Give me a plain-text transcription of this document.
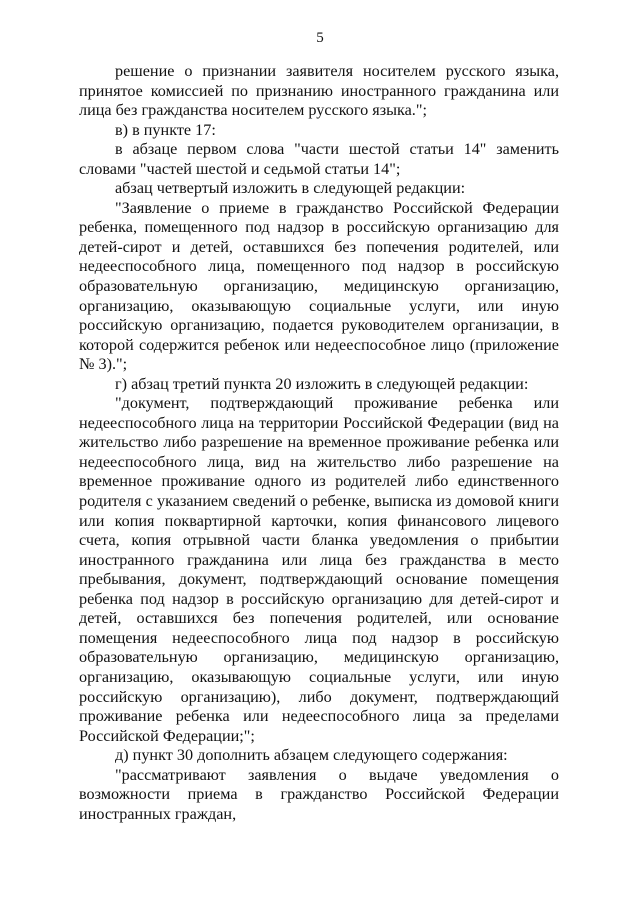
5

решение о признании заявителя носителем русского языка, принятое комиссией по признанию иностранного гражданина или лица без гражданства носителем русского языка.";

в) в пункте 17:

в абзаце первом слова "части шестой статьи 14" заменить словами "частей шестой и седьмой статьи 14";

абзац четвертый изложить в следующей редакции:

"Заявление о приеме в гражданство Российской Федерации ребенка, помещенного под надзор в российскую организацию для детей-сирот и детей, оставшихся без попечения родителей, или недееспособного лица, помещенного под надзор в российскую образовательную организацию, медицинскую организацию, организацию, оказывающую социальные услуги, или иную российскую организацию, подается руководителем организации, в которой содержится ребенок или недееспособное лицо (приложение № 3).";

г) абзац третий пункта 20 изложить в следующей редакции:

"документ, подтверждающий проживание ребенка или недееспособного лица на территории Российской Федерации (вид на жительство либо разрешение на временное проживание ребенка или недееспособного лица, вид на жительство либо разрешение на временное проживание одного из родителей либо единственного родителя с указанием сведений о ребенке, выписка из домовой книги или копия поквартирной карточки, копия финансового лицевого счета, копия отрывной части бланка уведомления о прибытии иностранного гражданина или лица без гражданства в место пребывания, документ, подтверждающий основание помещения ребенка под надзор в российскую организацию для детей-сирот и детей, оставшихся без попечения родителей, или основание помещения недееспособного лица под надзор в российскую образовательную организацию, медицинскую организацию, организацию, оказывающую социальные услуги, или иную российскую организацию), либо документ, подтверждающий проживание ребенка или недееспособного лица за пределами Российской Федерации;";

д) пункт 30 дополнить абзацем следующего содержания:

"рассматривают заявления о выдаче уведомления о возможности приема в гражданство Российской Федерации иностранных граждан,
